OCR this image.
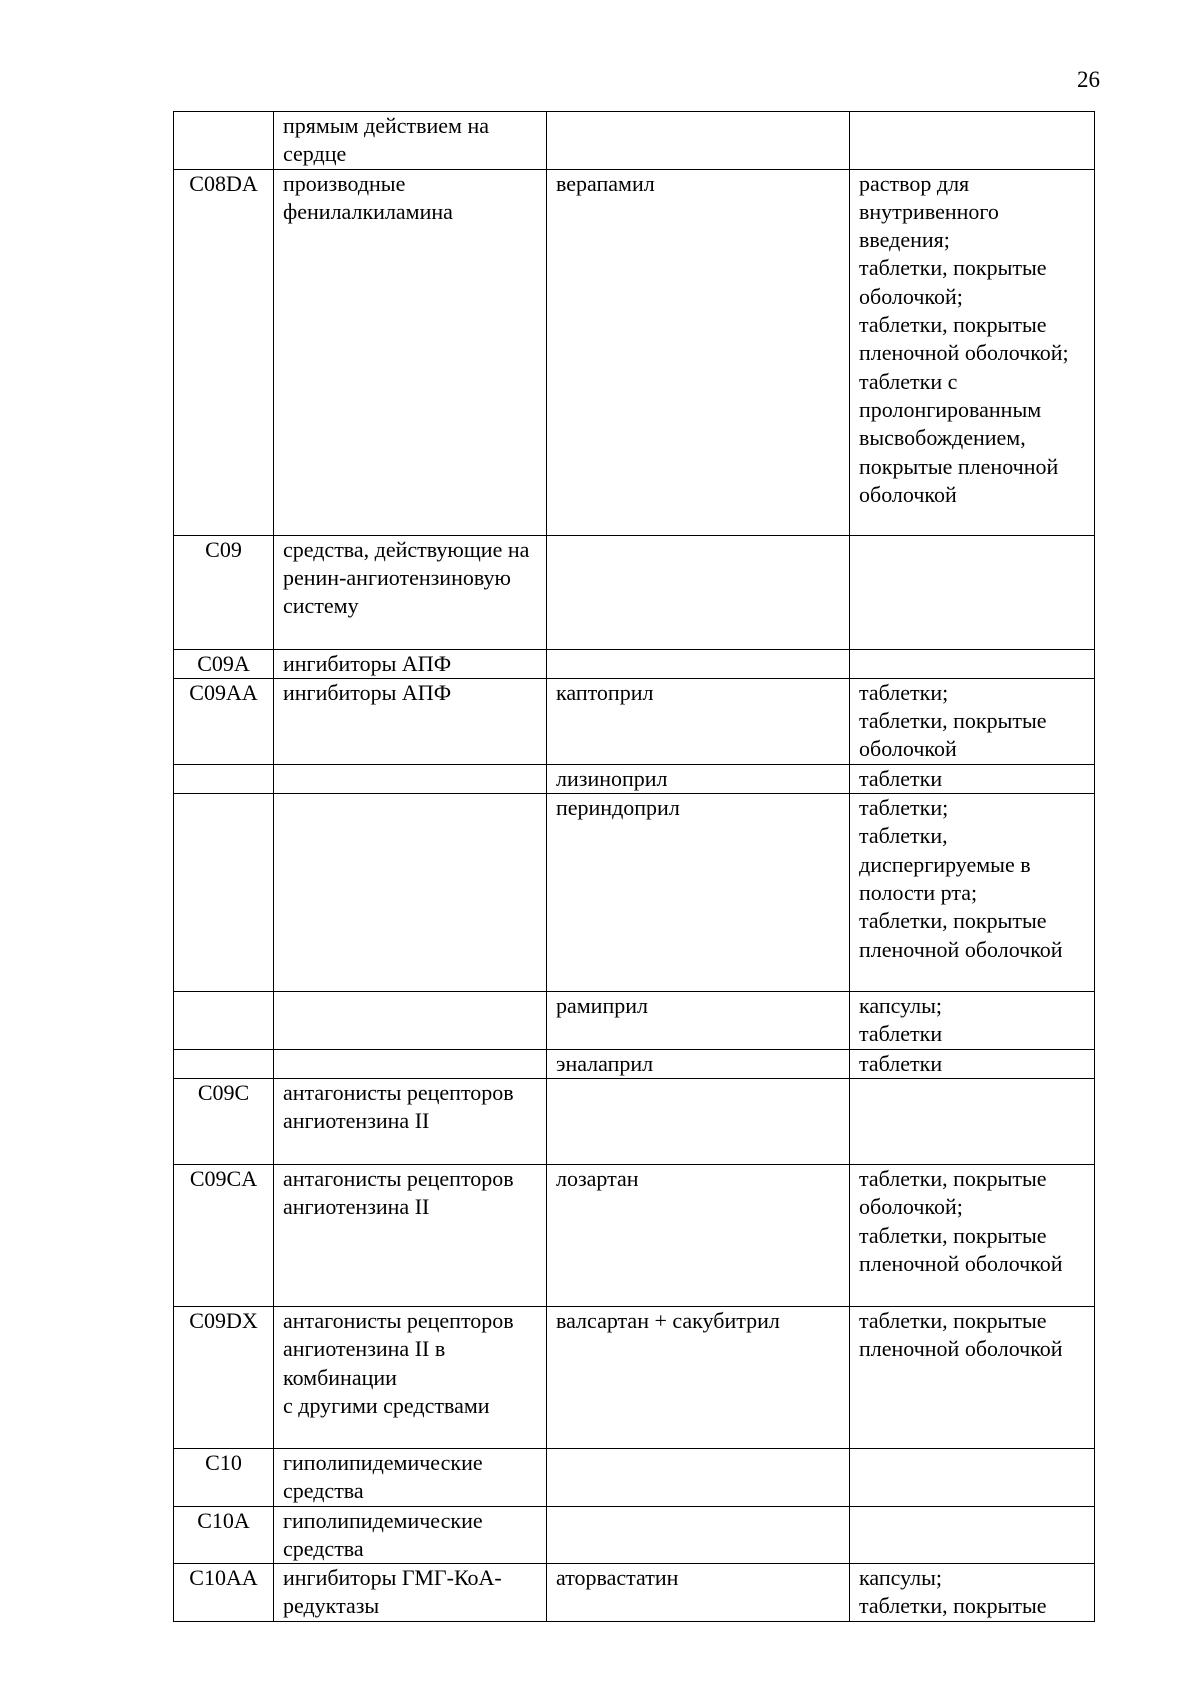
26
	прямым действием на сердце		
C08DA	производные фенилалкиламина	верапамил	раствор для внутривенного введения;
таблетки, покрытые оболочкой;
таблетки, покрытые пленочной оболочкой;
таблетки с пролонгированным высвобождением, покрытые пленочной оболочкой
C09	средства, действующие на ренин-ангиотензиновую систему		
C09A	ингибиторы АПФ		
C09AA	ингибиторы АПФ	каптоприл	таблетки;
таблетки, покрытые оболочкой
		лизиноприл	таблетки
		периндоприл	таблетки;
таблетки, диспергируемые в полости рта;
таблетки, покрытые пленочной оболочкой
		рамиприл	капсулы;
таблетки
		эналаприл	таблетки
C09C	антагонисты рецепторов ангиотензина II		
C09CA	антагонисты рецепторов ангиотензина II	лозартан	таблетки, покрытые оболочкой;
таблетки, покрытые пленочной оболочкой
C09DX	антагонисты рецепторов ангиотензина II в комбинации
с другими средствами	валсартан + сакубитрил	таблетки, покрытые пленочной оболочкой
C10	гиполипидемические средства		
C10A	гиполипидемические средства		
C10AA	ингибиторы ГМГ-КоА-редуктазы	аторвастатин	капсулы;
таблетки, покрытые
